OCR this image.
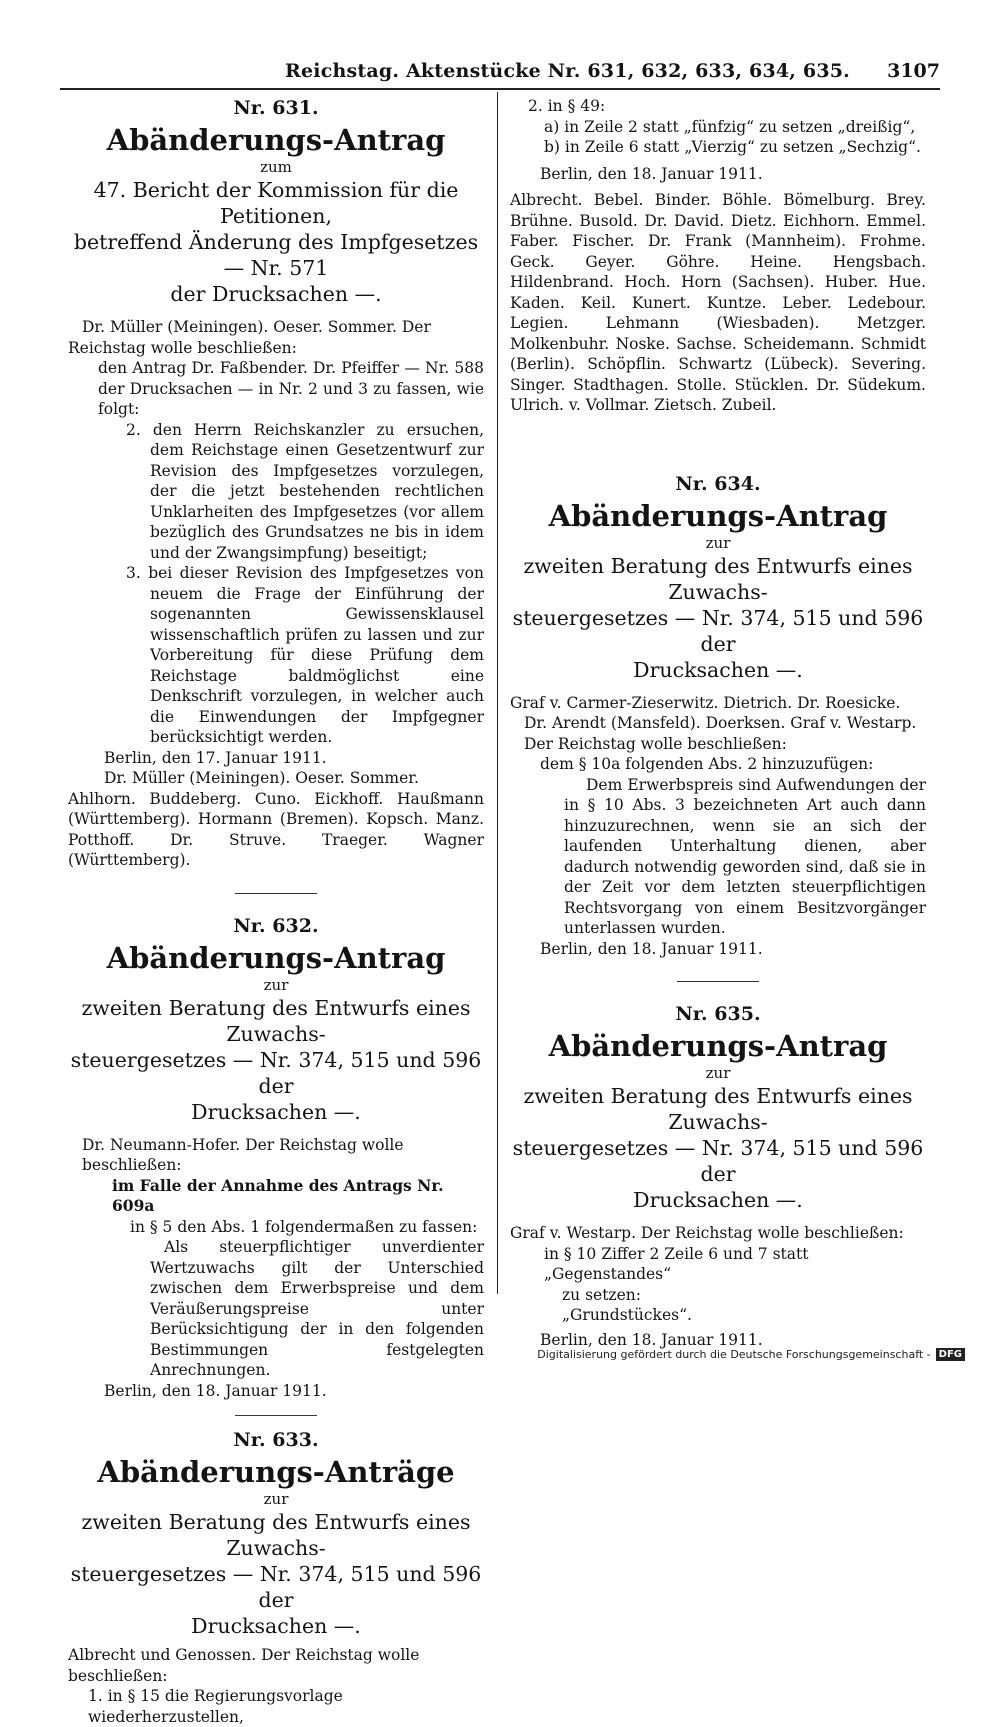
Reichstag. Aktenstücke Nr. 631, 632, 633, 634, 635. 3107
Nr. 631.
Abänderungs-Antrag
zum
47. Bericht der Kommission für die Petitionen,
betreffend Änderung des Impfgesetzes — Nr. 571
der Drucksachen —.

Dr. Müller (Meiningen). Oeser. Sommer. Der

Reichstag wolle beschließen:

den Antrag Dr. Faßbender. Dr. Pfeiffer — Nr. 588 der Drucksachen — in Nr. 2 und 3 zu fassen, wie folgt:

2. den Herrn Reichskanzler zu ersuchen, dem Reichstage einen Gesetzentwurf zur Revision des Impfgesetzes vorzulegen, der die jetzt bestehenden rechtlichen Unklarheiten des Impfgesetzes (vor allem bezüglich des Grundsatzes ne bis in idem und der Zwangsimpfung) beseitigt;

3. bei dieser Revision des Impfgesetzes von neuem die Frage der Einführung der sogenannten Gewissensklausel wissenschaftlich prüfen zu lassen und zur Vorbereitung für diese Prüfung dem Reichstage baldmöglichst eine Denkschrift vorzulegen, in welcher auch die Einwendungen der Impfgegner berücksichtigt werden.

Berlin, den 17. Januar 1911.

Dr. Müller (Meiningen). Oeser. Sommer.

Ahlhorn. Buddeberg. Cuno. Eickhoff. Haußmann (Württemberg). Hormann (Bremen). Kopsch. Manz. Potthoff. Dr. Struve. Traeger. Wagner (Württemberg).

Nr. 632.
Abänderungs-Antrag
zur
zweiten Beratung des Entwurfs eines Zuwachs-
steuergesetzes — Nr. 374, 515 und 596 der
Drucksachen —.

Dr. Neumann-Hofer. Der Reichstag wolle beschließen:

im Falle der Annahme des Antrags Nr. 609a

in § 5 den Abs. 1 folgendermaßen zu fassen:

Als steuerpflichtiger unverdienter Wertzuwachs gilt der Unterschied zwischen dem Erwerbspreise und dem Veräußerungspreise unter Berücksichtigung der in den folgenden Bestimmungen festgelegten Anrechnungen.

Berlin, den 18. Januar 1911.

Nr. 633.
Abänderungs-Anträge
zur
zweiten Beratung des Entwurfs eines Zuwachs-
steuergesetzes — Nr. 374, 515 und 596 der
Drucksachen —.

Albrecht und Genossen. Der Reichstag wolle beschließen:

1. in § 15 die Regierungsvorlage wiederherzustellen,

2. in § 49:

a) in Zeile 2 statt „fünfzig“ zu setzen „dreißig“,

b) in Zeile 6 statt „Vierzig“ zu setzen „Sechzig“.

Berlin, den 18. Januar 1911.

Albrecht. Bebel. Binder. Böhle. Bömelburg. Brey. Brühne. Busold. Dr. David. Dietz. Eichhorn. Emmel. Faber. Fischer. Dr. Frank (Mannheim). Frohme. Geck. Geyer. Göhre. Heine. Hengsbach. Hildenbrand. Hoch. Horn (Sachsen). Huber. Hue. Kaden. Keil. Kunert. Kuntze. Leber. Ledebour. Legien. Lehmann (Wiesbaden). Metzger. Molkenbuhr. Noske. Sachse. Scheidemann. Schmidt (Berlin). Schöpflin. Schwartz (Lübeck). Severing. Singer. Stadthagen. Stolle. Stücklen. Dr. Südekum. Ulrich. v. Vollmar. Zietsch. Zubeil.

Nr. 634.
Abänderungs-Antrag
zur
zweiten Beratung des Entwurfs eines Zuwachs-
steuergesetzes — Nr. 374, 515 und 596 der
Drucksachen —.

Graf v. Carmer-Zieserwitz. Dietrich. Dr. Roesicke.

Dr. Arendt (Mansfeld). Doerksen. Graf v. Westarp.

Der Reichstag wolle beschließen:

dem § 10a folgenden Abs. 2 hinzuzufügen:

Dem Erwerbspreis sind Aufwendungen der in § 10 Abs. 3 bezeichneten Art auch dann hinzuzurechnen, wenn sie an sich der laufenden Unterhaltung dienen, aber dadurch notwendig geworden sind, daß sie in der Zeit vor dem letzten steuerpflichtigen Rechtsvorgang von einem Besitzvorgänger unterlassen wurden.

Berlin, den 18. Januar 1911.

Nr. 635.
Abänderungs-Antrag
zur
zweiten Beratung des Entwurfs eines Zuwachs-
steuergesetzes — Nr. 374, 515 und 596 der
Drucksachen —.

Graf v. Westarp. Der Reichstag wolle beschließen:

in § 10 Ziffer 2 Zeile 6 und 7 statt „Gegenstandes“

zu setzen:

„Grundstückes“.

Berlin, den 18. Januar 1911.

Digitalisierung gefördert durch die Deutsche Forschungsgemeinschaft - DFG
